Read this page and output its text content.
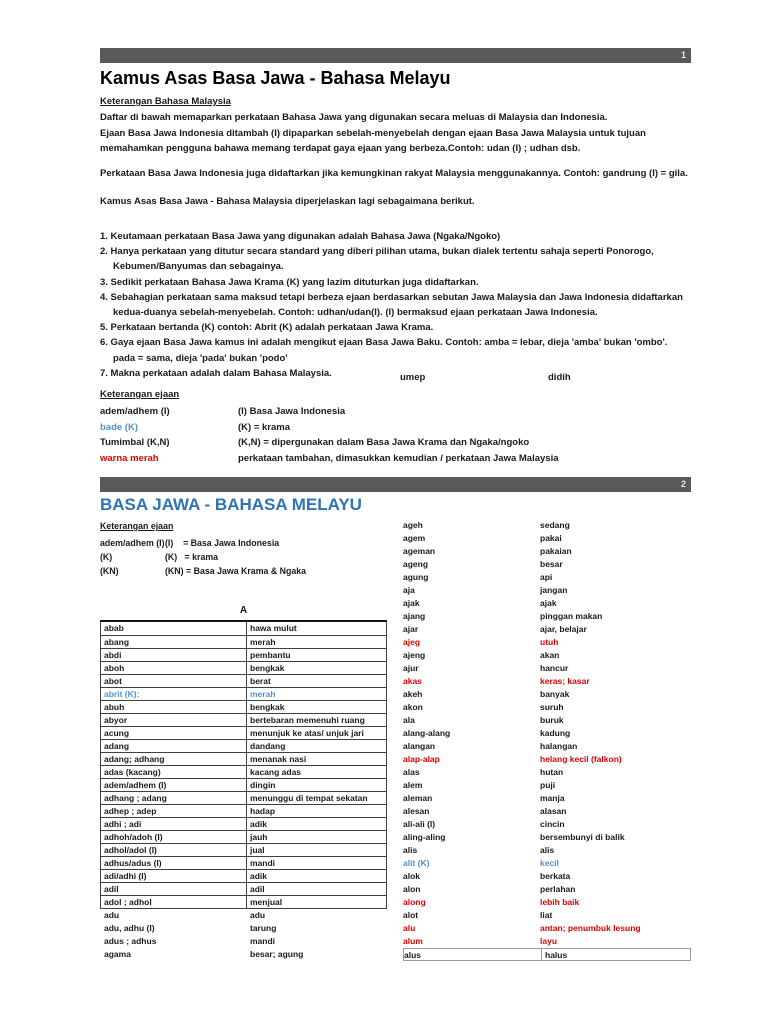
1
Kamus Asas Basa Jawa - Bahasa Melayu
Keterangan Bahasa Malaysia
Daftar di bawah memaparkan perkataan Bahasa Jawa yang digunakan secara meluas di Malaysia dan Indonesia.
Ejaan Basa Jawa Indonesia ditambah (I) dipaparkan sebelah-menyebelah dengan ejaan Basa Jawa Malaysia untuk tujuan
memahamkan pengguna bahawa memang terdapat gaya ejaan yang berbeza.Contoh: udan (I) ; udhan dsb.
Perkataan Basa Jawa Indonesia juga didaftarkan jika kemungkinan rakyat Malaysia menggunakannya. Contoh: gandrung (I) = gila.
Kamus Asas Basa Jawa - Bahasa Malaysia diperjelaskan lagi sebagaimana berikut.
1. Keutamaan perkataan Basa Jawa yang digunakan adalah Bahasa Jawa (Ngaka/Ngoko)
2. Hanya perkataan yang ditutur secara standard yang diberi pilihan utama, bukan dialek tertentu sahaja seperti Ponorogo,
Kebumen/Banyumas dan sebagainya.
3. Sedikit perkataan Bahasa Jawa Krama (K) yang lazim dituturkan juga didaftarkan.
4. Sebahagian perkataan sama maksud tetapi berbeza ejaan berdasarkan sebutan Jawa Malaysia dan Jawa Indonesia didaftarkan
kedua-duanya sebelah-menyebelah. Contoh: udhan/udan(I). (I) bermaksud ejaan perkataan Jawa Indonesia.
5. Perkataan bertanda (K) contoh: Abrit (K) adalah perkataan Jawa Krama.
6. Gaya ejaan Basa Jawa kamus ini adalah mengikut ejaan Basa Jawa Baku. Contoh: amba = lebar, dieja 'amba' bukan 'ombo'.
pada = sama, dieja 'pada' bukan 'podo'
7. Makna perkataan adalah dalam Bahasa Malaysia.	umep	didih
Keterangan ejaan
adem/adhem (I)	(I) Basa Jawa Indonesia
bade (K)	(K) = krama
Tumimbal (K,N)	(K,N) = dipergunakan dalam Basa Jawa Krama dan Ngaka/ngoko
warna merah	perkataan tambahan, dimasukkan kemudian / perkataan Jawa Malaysia
2
BASA JAWA - BAHASA MELAYU
Keterangan ejaan
adem/adhem (I) (I)    = Basa Jawa Indonesia
(K)	(K)   = krama
(KN)	(KN) = Basa Jawa Krama & Ngaka
A
abab	hawa mulut
abang	merah
abdi	pembantu
aboh	bengkak
abot	berat
abrit (K):	merah
abuh	bengkak
abyor	bertebaran memenuhi ruang
acung	menunjuk ke atas/ unjuk jari
adang	dandang
adang; adhang	menanak nasi
adas (kacang)	kacang adas
adem/adhem (I)	dingin
adhang ; adang	menunggu di tempat sekatan
adhep ; adep	hadap
adhi ; adi	adik
adhoh/adoh (I)	jauh
adhol/adol (I)	jual
adhus/adus (I)	mandi
adi/adhi (I)	adik
adil	adil
adol ; adhol	menjual
adu	adu
adu, adhu (I)	tarung
adus ; adhus	mandi
agama	besar; agung
ageh	sedang
agem	pakai
ageman	pakaian
ageng	besar
agung	api
aja	jangan
ajak	ajak
ajang	pinggan makan
ajar	ajar, belajar
ajeg	utuh
ajeng	akan
ajur	hancur
akas	keras; kasar
akeh	banyak
akon	suruh
ala	buruk
alang-alang	kadung
alangan	halangan
alap-alap	helang kecil (falkon)
alas	hutan
alem	puji
aleman	manja
alesan	alasan
ali-ali (I)	cincin
aling-aling	bersembunyi di balik
alis	alis
alit (K)	kecil
alok	berkata
alon	perlahan
along	lebih baik
alot	liat
alu	antan; penumbuk lesung
alum	layu
alus	halus
